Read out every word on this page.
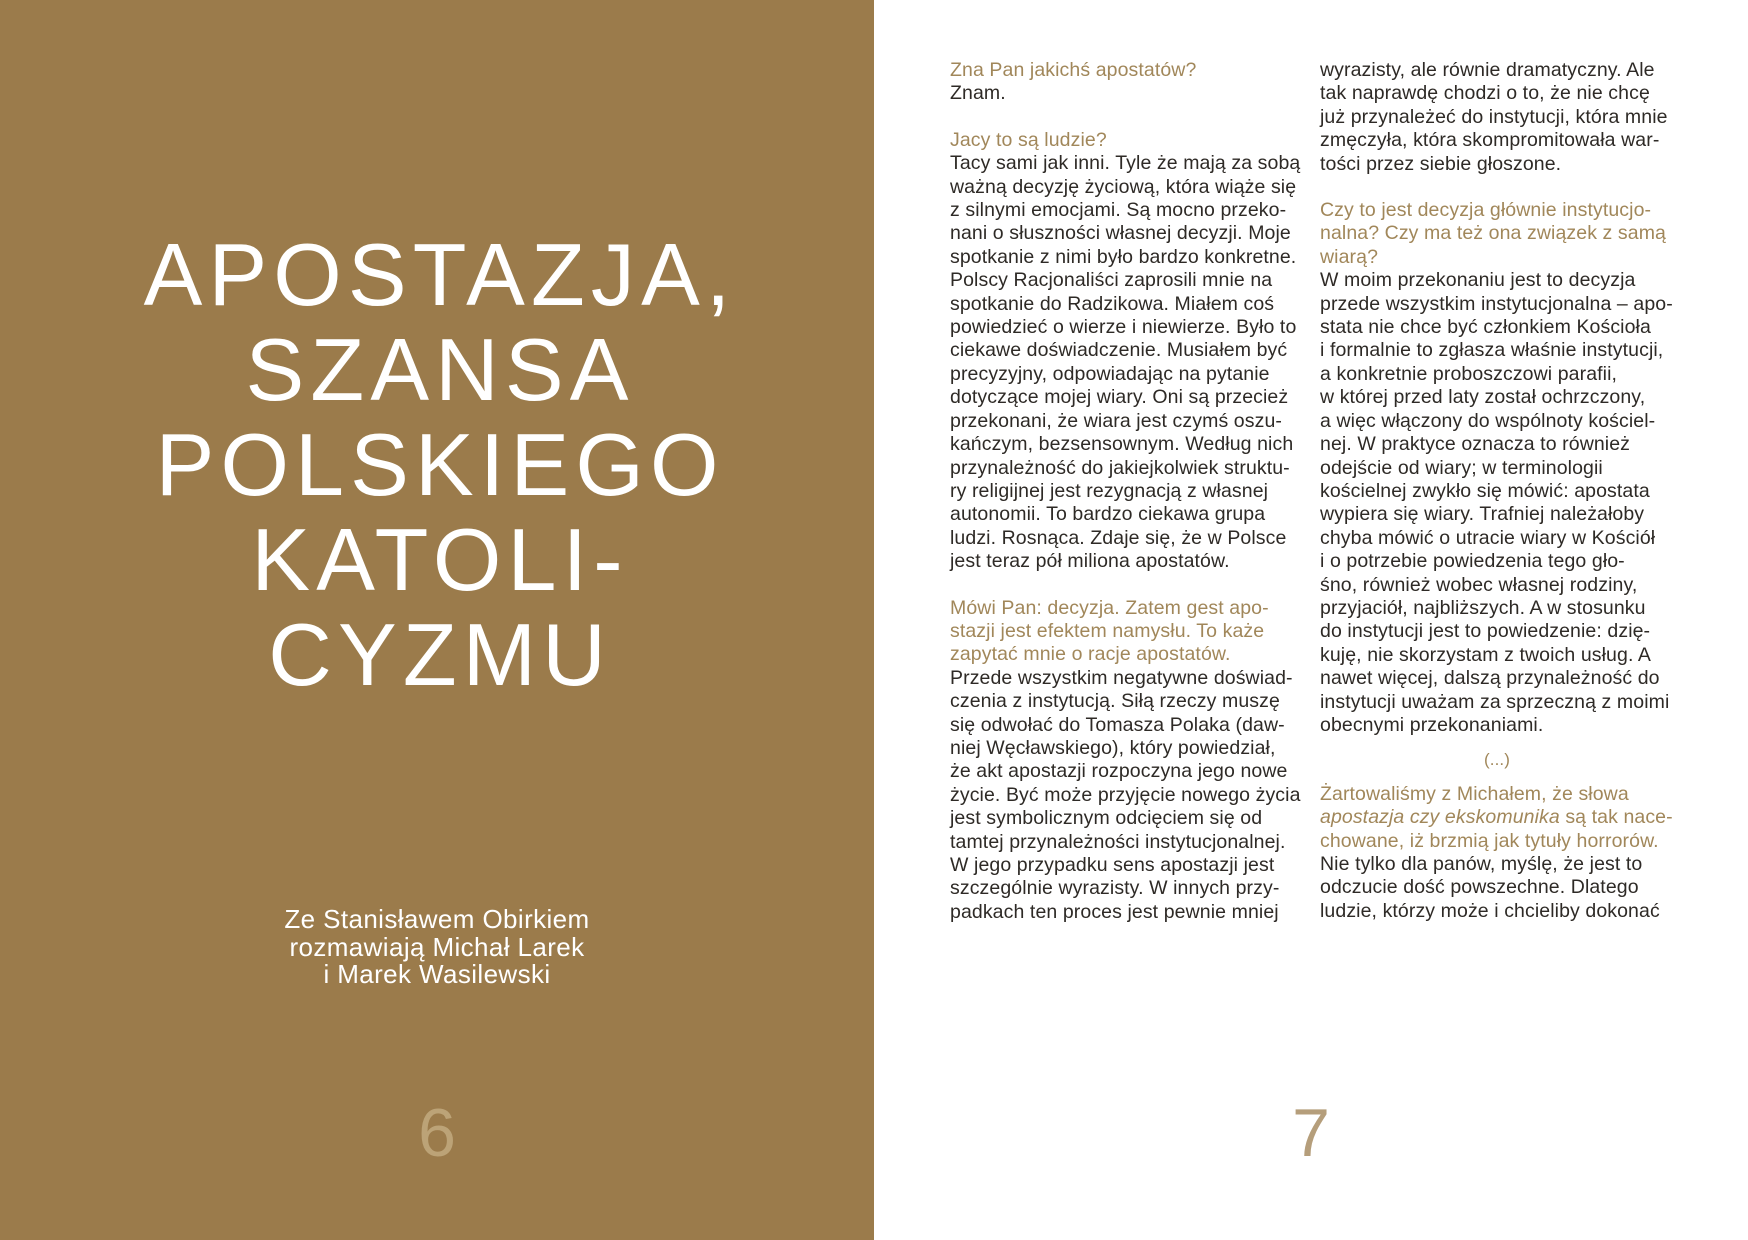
APOSTAZJA,
SZANSA
POLSKIEGO
KATOLI-
CYZMU
Ze Stanisławem Obirkiem
rozmawiają Michał Larek
i Marek Wasilewski
6
Zna Pan jakichś apostatów?
Znam.
Jacy to są ludzie?
Tacy sami jak inni. Tyle że mają za sobą
ważną decyzję życiową, która wiąże się
z silnymi emocjami. Są mocno przeko-
nani o słuszności własnej decyzji. Moje
spotkanie z nimi było bardzo konkretne.
Polscy Racjonaliści zaprosili mnie na
spotkanie do Radzikowa. Miałem coś
powiedzieć o wierze i niewierze. Było to
ciekawe doświadczenie. Musiałem być
precyzyjny, odpowiadając na pytanie
dotyczące mojej wiary. Oni są przecież
przekonani, że wiara jest czymś oszu-
kańczym, bezsensownym. Według nich
przynależność do jakiejkolwiek struktu-
ry religijnej jest rezygnacją z własnej
autonomii. To bardzo ciekawa grupa
ludzi. Rosnąca. Zdaje się, że w Polsce
jest teraz pół miliona apostatów.
Mówi Pan: decyzja. Zatem gest apo-
stazji jest efektem namysłu. To każe
zapytać mnie o racje apostatów.
Przede wszystkim negatywne doświad-
czenia z instytucją. Siłą rzeczy muszę
się odwołać do Tomasza Polaka (daw-
niej Węcławskiego), który powiedział,
że akt apostazji rozpoczyna jego nowe
życie. Być może przyjęcie nowego życia
jest symbolicznym odcięciem się od
tamtej przynależności instytucjonalnej.
W jego przypadku sens apostazji jest
szczególnie wyrazisty. W innych przy-
padkach ten proces jest pewnie mniej
wyrazisty, ale równie dramatyczny. Ale
tak naprawdę chodzi o to, że nie chcę
już przynależeć do instytucji, która mnie
zmęczyła, która skompromitowała war-
tości przez siebie głoszone.
Czy to jest decyzja głównie instytucjo-
nalna? Czy ma też ona związek z samą
wiarą?
W moim przekonaniu jest to decyzja
przede wszystkim instytucjonalna – apo-
stata nie chce być członkiem Kościoła
i formalnie to zgłasza właśnie instytucji,
a konkretnie proboszczowi parafii,
w której przed laty został ochrzczony,
a więc włączony do wspólnoty kościel-
nej. W praktyce oznacza to również
odejście od wiary; w terminologii
kościelnej zwykło się mówić: apostata
wypiera się wiary. Trafniej należałoby
chyba mówić o utracie wiary w Kościół
i o potrzebie powiedzenia tego gło-
śno, również wobec własnej rodziny,
przyjaciół, najbliższych. A w stosunku
do instytucji jest to powiedzenie: dzię-
kuję, nie skorzystam z twoich usług. A
nawet więcej, dalszą przynależność do
instytucji uważam za sprzeczną z moimi
obecnymi przekonaniami.
(...)
Żartowaliśmy z Michałem, że słowa
apostazja czy ekskomunika są tak nace-
chowane, iż brzmią jak tytuły horrorów.
Nie tylko dla panów, myślę, że jest to
odczucie dość powszechne. Dlatego
ludzie, którzy może i chcieliby dokonać
7
